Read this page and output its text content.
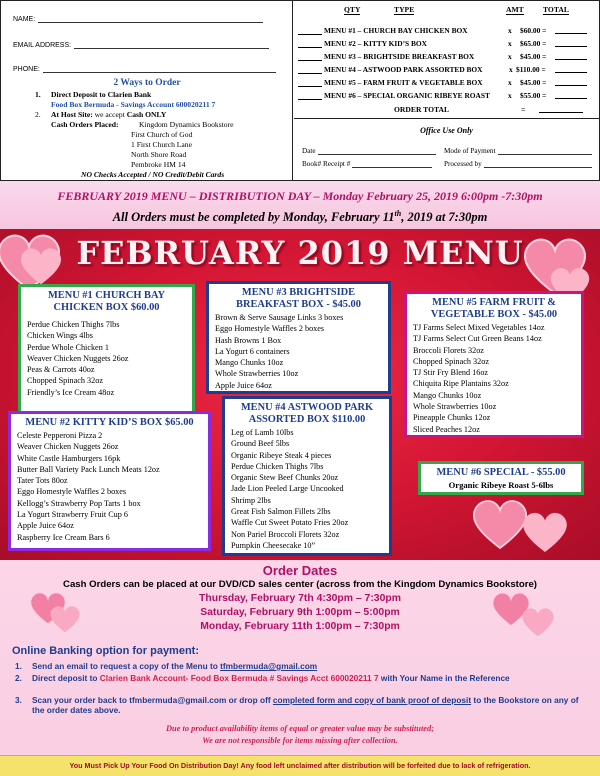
NAME:
EMAIL ADDRESS:
PHONE:
2 Ways to Order
1. Direct Deposit to Clarien Bank
Food Box Bermuda - Savings Account 600020211 7
2. At Host Site: we accept Cash ONLY
Cash Orders Placed:	Kingdom Dynamics Bookstore
First Church of God
1 First Church Lane
North Shore Road
Pembroke HM 14
NO Checks Accepted / NO Credit/Debit Cards
QTY	TYPE	AMT	TOTAL
MENU #1 – CHURCH BAY CHICKEN BOX	x $60.00 =
MENU #2 – KITTY KID’S BOX	x $65.00 =
MENU #3 – BRIGHTSIDE BREAKFAST BOX	x $45.00 =
MENU #4 – ASTWOOD PARK ASSORTED BOX	x $110.00 =
MENU #5 – FARM FRUIT & VEGETABLE BOX	x $45.00 =
MENU #6 – SPECIAL ORGANIC RIBEYE ROAST x $55.00 =
ORDER TOTAL	=
Office Use Only
Date	Mode of Payment
Book# Receipt #	Processed by
FEBRUARY 2019 MENU – DISTRIBUTION DAY – Monday February 25, 2019 6:00pm -7:30pm
All Orders must be completed by Monday, February 11th, 2019 at 7:30pm
FEBRUARY 2019 MENU
MENU #1 CHURCH BAY CHICKEN BOX $60.00
Perdue Chicken Thighs 7lbs
Chicken Wings 4lbs
Perdue Whole Chicken 1
Weaver Chicken Nuggets 26oz
Peas & Carrots 40oz
Chopped Spinach 32oz
Friendly’s Ice Cream 48oz
MENU #3 BRIGHTSIDE BREAKFAST BOX - $45.00
Brown & Serve Sausage Links 3 boxes
Eggo Homestyle Waffles 2 boxes
Hash Browns 1 Box
La Yogurt 6 containers
Mango Chunks 10oz
Whole Strawberries 10oz
Apple Juice 64oz
MENU #5 FARM FRUIT & VEGETABLE BOX - $45.00
TJ Farms Select Mixed Vegetables 14oz
TJ Farms Select Cut Green Beans 14oz
Broccoli Florets 32oz
Chopped Spinach 32oz
TJ Stir Fry Blend 16oz
Chiquita Ripe Plantains 32oz
Mango Chunks 10oz
Whole Strawberries 10oz
Pineapple Chunks 12oz
Sliced Peaches 12oz
MENU #2 KITTY KID’S BOX $65.00
Celeste Pepperoni Pizza 2
Weaver Chicken Nuggets 26oz
White Castle Hamburgers 16pk
Butter Ball Variety Pack Lunch Meats 12oz
Tater Tots 80oz
Eggo Homestyle Waffles 2 boxes
Kellogg’s Strawberry Pop Tarts 1 box
La Yogurt Strawberry Fruit Cup 6
Apple Juice 64oz
Raspberry Ice Cream Bars 6
MENU #4 ASTWOOD PARK ASSORTED BOX $110.00
Leg of Lamb 10lbs
Ground Beef 5lbs
Organic Ribeye Steak 4 pieces
Perdue Chicken Thighs 7lbs
Organic Stew Beef Chunks 20oz
Jade Lion Peeled Large Uncooked
Shrimp 2lbs
Great Fish Salmon Fillets 2lbs
Waffle Cut Sweet Potato Fries 20oz
Non Pariel Broccoli Florets 32oz
Pumpkin Cheesecake 10”
MENU #6 SPECIAL - $55.00
Organic Ribeye Roast 5-6lbs
Order Dates
Cash Orders can be placed at our DVD/CD sales center (across from the Kingdom Dynamics Bookstore)
Thursday, February 7th 4:30pm – 7:30pm
Saturday, February 9th 1:00pm – 5:00pm
Monday, February 11th 1:00pm – 7:30pm
Online Banking option for payment:
1. Send an email to request a copy of the Menu to tfmbermuda@gmail.com
2. Direct deposit to Clarien Bank Account- Food Box Bermuda # Savings Acct 600020211 7 with Your Name in the Reference
3. Scan your order back to tfmbermuda@gmail.com or drop off completed form and copy of bank proof of deposit to the Bookstore on any of the order dates above.
Due to product availability items of equal or greater value may be substituted;
We are not responsible for items missing after collection.
You Must Pick Up Your Food On Distribution Day! Any food left unclaimed after distribution will be forfeited due to lack of refrigeration.
